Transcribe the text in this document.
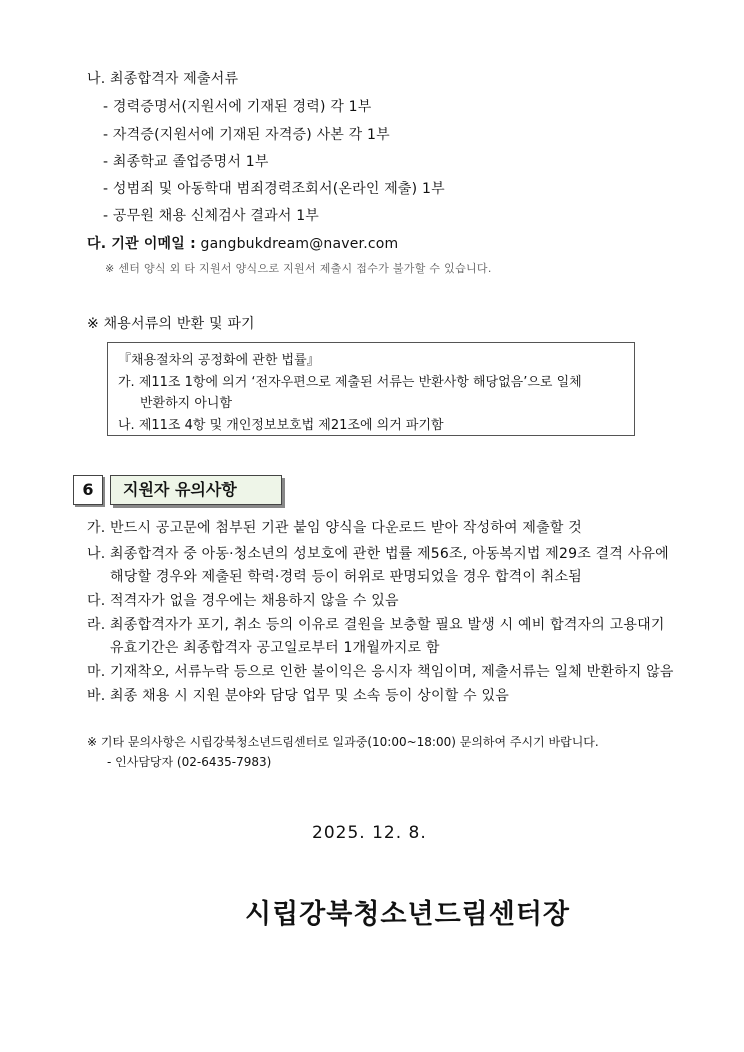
나. 최종합격자 제출서류
- 경력증명서(지원서에 기재된 경력) 각 1부
- 자격증(지원서에 기재된 자격증) 사본 각 1부
- 최종학교 졸업증명서 1부
- 성범죄 및 아동학대 범죄경력조회서(온라인 제출) 1부
- 공무원 채용 신체검사 결과서 1부
다. 기관 이메일 : gangbukdream@naver.com
※ 센터 양식 외 타 지원서 양식으로 지원서 제출시 접수가 불가할 수 있습니다.
※ 채용서류의 반환 및 파기
『채용절차의 공정화에 관한 법률』
가. 제11조 1항에 의거 ‘전자우편으로 제출된 서류는 반환사항 해당없음’으로 일체
반환하지 아니함
나. 제11조 4항 및 개인정보보호법 제21조에 의거 파기함
6	지원자 유의사항
가. 반드시 공고문에 첨부된 기관 붙임 양식을 다운로드 받아 작성하여 제출할 것
나. 최종합격자 중 아동·청소년의 성보호에 관한 법률 제56조, 아동복지법 제29조 결격 사유에
해당할 경우와 제출된 학력·경력 등이 허위로 판명되었을 경우 합격이 취소됨
다. 적격자가 없을 경우에는 채용하지 않을 수 있음
라. 최종합격자가 포기, 취소 등의 이유로 결원을 보충할 필요 발생 시 예비 합격자의 고용대기
유효기간은 최종합격자 공고일로부터 1개월까지로 함
마. 기재착오, 서류누락 등으로 인한 불이익은 응시자 책임이며, 제출서류는 일체 반환하지 않음
바. 최종 채용 시 지원 분야와 담당 업무 및 소속 등이 상이할 수 있음
※ 기타 문의사항은 시립강북청소년드림센터로 일과중(10:00~18:00) 문의하여 주시기 바랍니다.
- 인사담당자 (02-6435-7983)
2025. 12. 8.
시립강북청소년드림센터장
